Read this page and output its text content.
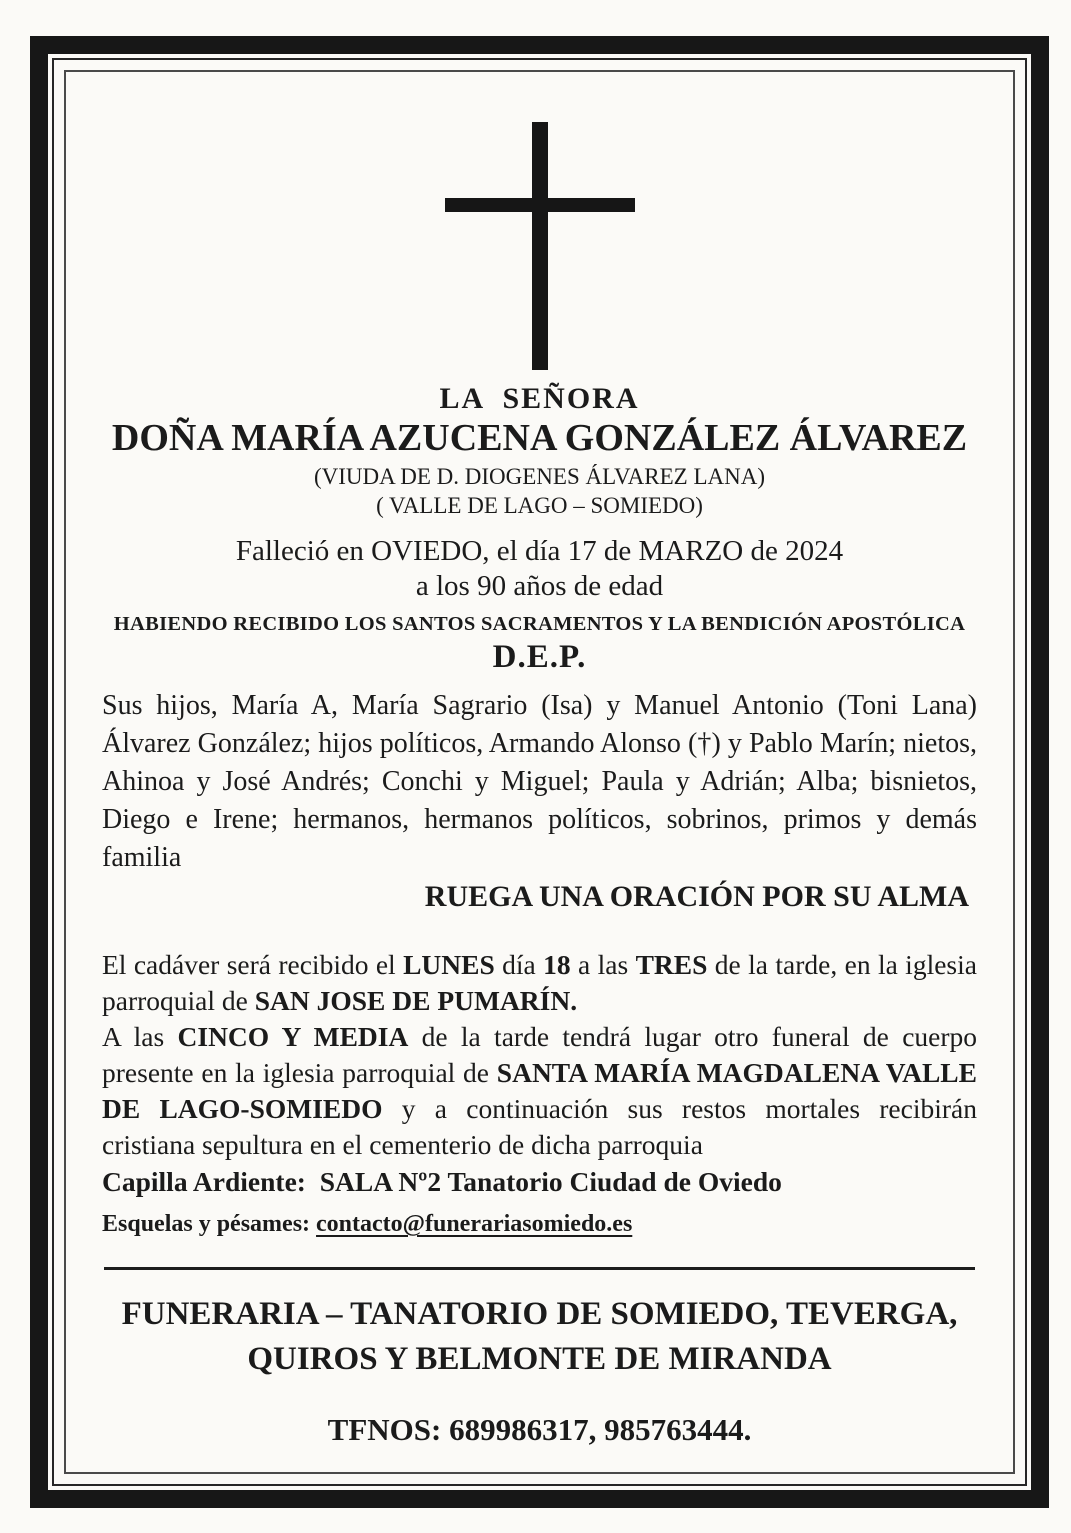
LA  SEÑORA
DOÑA MARÍA AZUCENA GONZÁLEZ ÁLVAREZ
(VIUDA DE D. DIOGENES ÁLVAREZ LANA)
( VALLE DE LAGO – SOMIEDO)
Falleció en OVIEDO, el día 17 de MARZO de 2024
a los 90 años de edad
HABIENDO RECIBIDO LOS SANTOS SACRAMENTOS Y LA BENDICIÓN APOSTÓLICA
D.E.P.

Sus hijos, María A, María Sagrario (Isa) y Manuel Antonio (Toni Lana) Álvarez González; hijos políticos, Armando Alonso (†) y Pablo Marín; nietos, Ahinoa y José Andrés; Conchi y Miguel; Paula y Adrián; Alba; bisnietos, Diego e Irene; hermanos, hermanos políticos, sobrinos, primos y demás familia

RUEGA UNA ORACIÓN POR SU ALMA

El cadáver será recibido el LUNES día 18 a las TRES de la tarde, en la iglesia parroquial de SAN JOSE DE PUMARÍN.

A las CINCO Y MEDIA de la tarde tendrá lugar otro funeral de cuerpo presente en la iglesia parroquial de SANTA MARÍA MAGDALENA VALLE DE LAGO-SOMIEDO y a continuación sus restos mortales recibirán cristiana sepultura en el cementerio de dicha parroquia

Capilla Ardiente:  SALA Nº2 Tanatorio Ciudad de Oviedo
Esquelas y pésames: contacto@funerariasomiedo.es
FUNERARIA – TANATORIO DE SOMIEDO, TEVERGA,
QUIROS Y BELMONTE DE MIRANDA
TFNOS: 689986317, 985763444.
